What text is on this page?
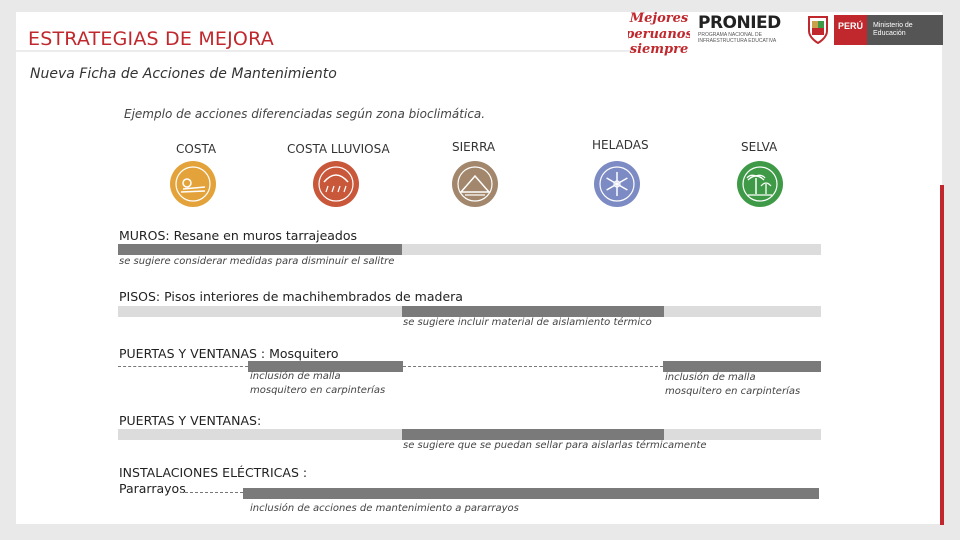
ESTRATEGIAS DE MEJORA
Nueva Ficha de Acciones de Mantenimiento
Ejemplo de acciones diferenciadas según zona bioclimática.
Mejores
peruanos
siempre
PRONIED
PROGRAMA NACIONAL DE INFRAESTRUCTURA EDUCATIVA
PERÚ	Ministerio de Educación
COSTA	COSTA LLUVIOSA	SIERRA	HELADAS	SELVA
MUROS: Resane en muros tarrajeados
se sugiere considerar medidas para disminuir el salitre
PISOS: Pisos interiores de machihembrados de madera
se sugiere incluir material de aislamiento térmico
PUERTAS Y VENTANAS : Mosquitero
inclusión de malla
mosquitero en carpinterías
inclusión de malla
mosquitero en carpinterías
PUERTAS Y VENTANAS:
se sugiere que se puedan sellar para aislarlas térmicamente
INSTALACIONES ELÉCTRICAS :
Pararrayos
inclusión de acciones de mantenimiento a pararrayos
